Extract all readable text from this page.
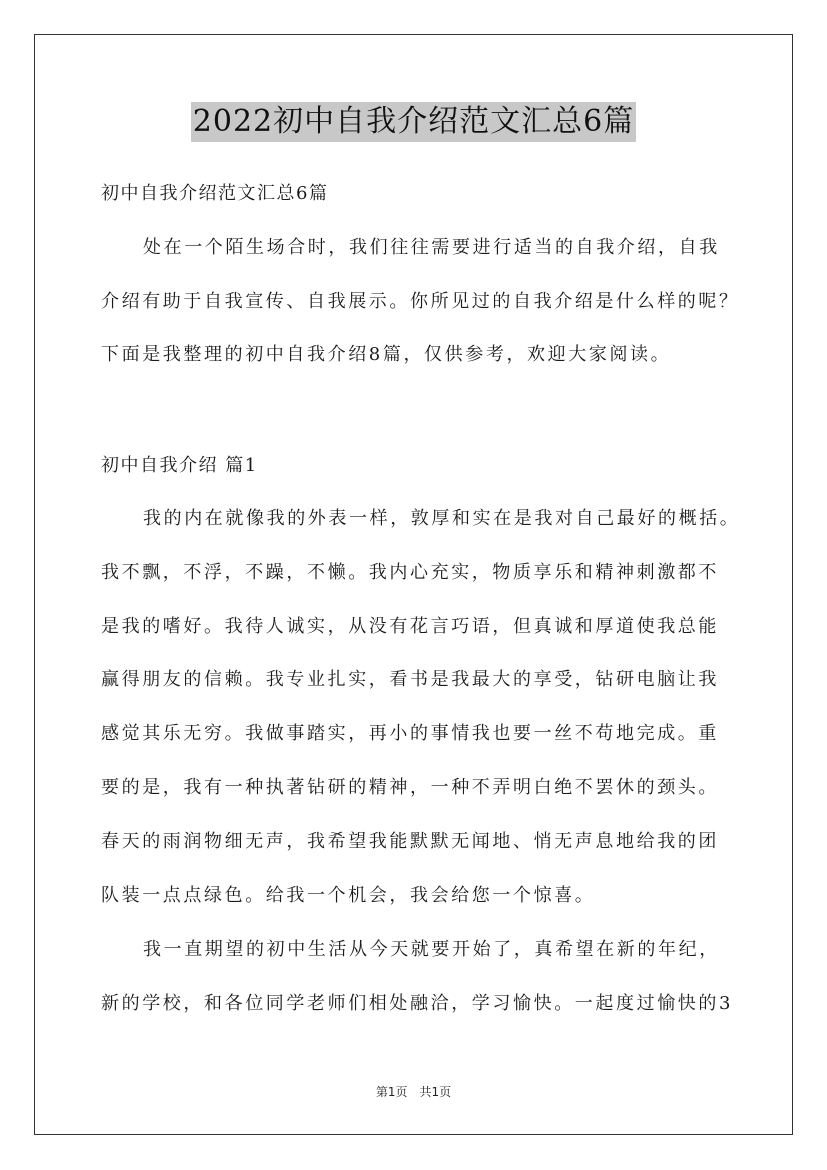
2022初中自我介绍范文汇总6篇
初中自我介绍范文汇总6篇
处在一个陌生场合时，我们往往需要进行适当的自我介绍，自我
介绍有助于自我宣传、自我展示。你所见过的自我介绍是什么样的呢？
下面是我整理的初中自我介绍8篇，仅供参考，欢迎大家阅读。
初中自我介绍 篇1
我的内在就像我的外表一样，敦厚和实在是我对自己最好的概括。
我不飘，不浮，不躁，不懒。我内心充实，物质享乐和精神刺激都不
是我的嗜好。我待人诚实，从没有花言巧语，但真诚和厚道使我总能
赢得朋友的信赖。我专业扎实，看书是我最大的享受，钻研电脑让我
感觉其乐无穷。我做事踏实，再小的事情我也要一丝不苟地完成。重
要的是，我有一种执著钻研的精神，一种不弄明白绝不罢休的颈头。
春天的雨润物细无声，我希望我能默默无闻地、悄无声息地给我的团
队装一点点绿色。给我一个机会，我会给您一个惊喜。
我一直期望的初中生活从今天就要开始了，真希望在新的年纪，
新的学校，和各位同学老师们相处融洽，学习愉快。一起度过愉快的3
第1页　共1页
